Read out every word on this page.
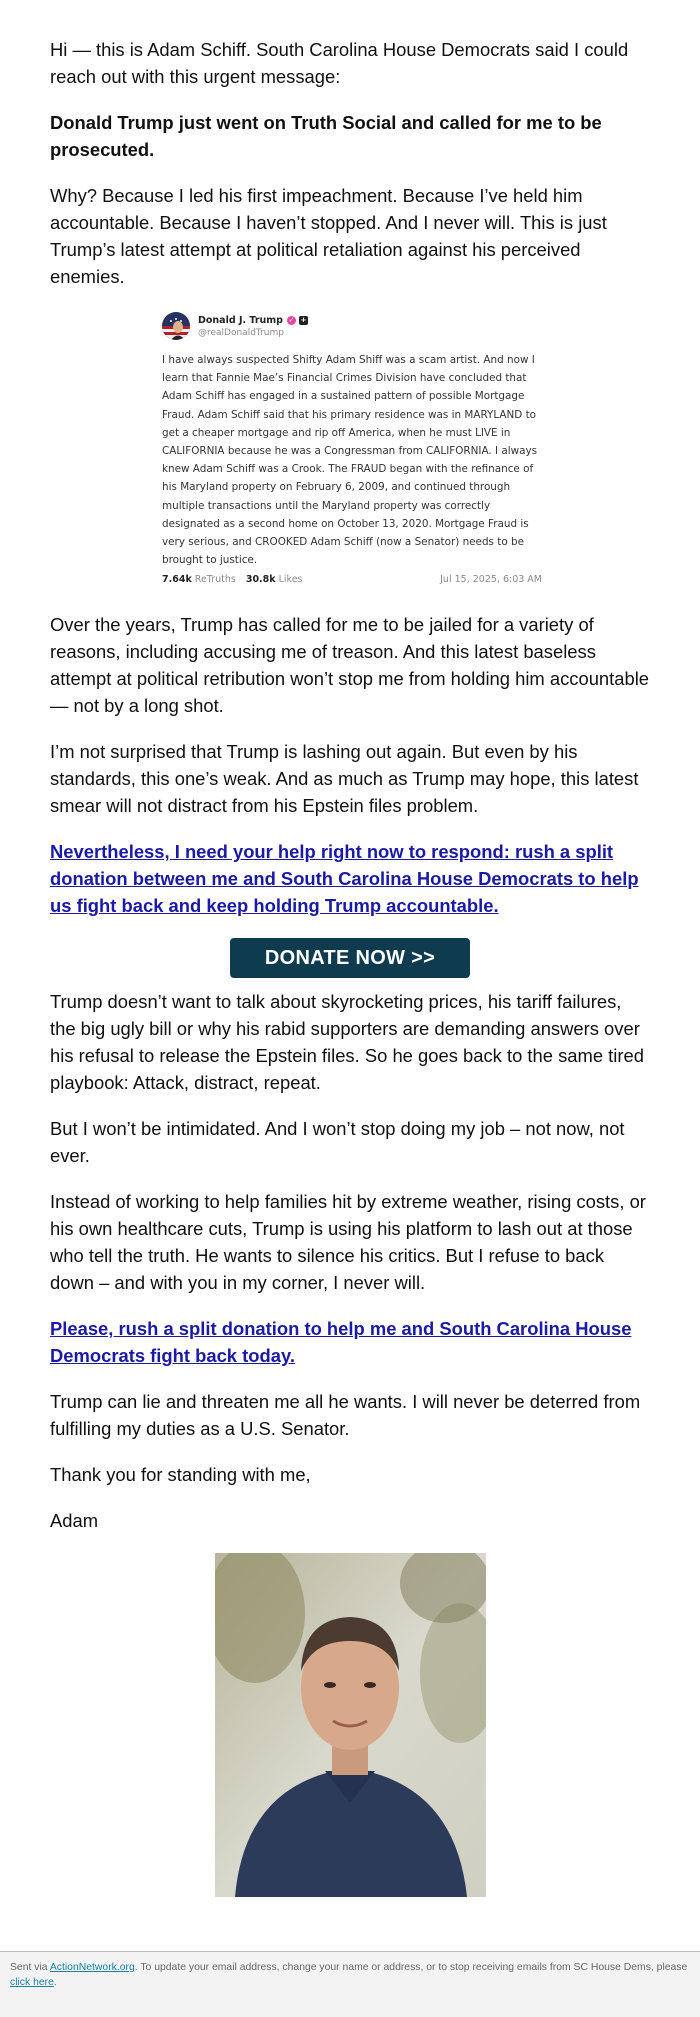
Hi — this is Adam Schiff. South Carolina House Democrats said I could reach out with this urgent message:

Donald Trump just went on Truth Social and called for me to be prosecuted.

Why? Because I led his first impeachment. Because I’ve held him accountable. Because I haven’t stopped. And I never will. This is just Trump’s latest attempt at political retaliation against his perceived enemies.

Donald J. Trump ✓ +
@realDonaldTrump
I have always suspected Shifty Adam Shiff was a scam artist. And now I learn that Fannie Mae’s Financial Crimes Division have concluded that Adam Schiff has engaged in a sustained pattern of possible Mortgage Fraud. Adam Schiff said that his primary residence was in MARYLAND to get a cheaper mortgage and rip off America, when he must LIVE in CALIFORNIA because he was a Congressman from CALIFORNIA. I always knew Adam Schiff was a Crook. The FRAUD began with the refinance of his Maryland property on February 6, 2009, and continued through multiple transactions until the Maryland property was correctly designated as a second home on October 13, 2020. Mortgage Fraud is very serious, and CROOKED Adam Schiff (now a Senator) needs to be brought to justice.
7.64k ReTruths 30.8k Likes	Jul 15, 2025, 6:03 AM

Over the years, Trump has called for me to be jailed for a variety of reasons, including accusing me of treason. And this latest baseless attempt at political retribution won’t stop me from holding him accountable — not by a long shot.

I’m not surprised that Trump is lashing out again. But even by his standards, this one’s weak. And as much as Trump may hope, this latest smear will not distract from his Epstein files problem.

Nevertheless, I need your help right now to respond: rush a split donation between me and South Carolina House Democrats to help us fight back and keep holding Trump accountable.
DONATE NOW >>

Trump doesn’t want to talk about skyrocketing prices, his tariff failures, the big ugly bill or why his rabid supporters are demanding answers over his refusal to release the Epstein files. So he goes back to the same tired playbook: Attack, distract, repeat.

But I won’t be intimidated. And I won’t stop doing my job – not now, not ever.

Instead of working to help families hit by extreme weather, rising costs, or his own healthcare cuts, Trump is using his platform to lash out at those who tell the truth. He wants to silence his critics. But I refuse to back down – and with you in my corner, I never will.

Please, rush a split donation to help me and South Carolina House Democrats fight back today.

Trump can lie and threaten me all he wants. I will never be deterred from fulfilling my duties as a U.S. Senator.

Thank you for standing with me,

Adam

Sent via ActionNetwork.org. To update your email address, change your name or address, or to stop receiving emails from SC House Dems, please click here.
